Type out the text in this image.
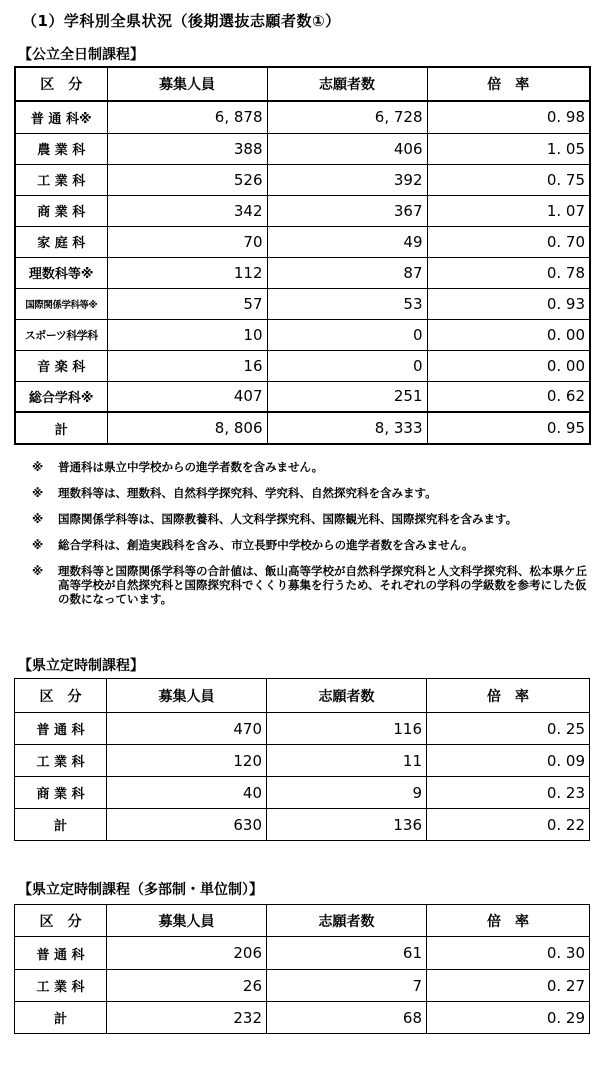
（1）学科別全県状況（後期選抜志願者数①）
【公立全日制課程】
区　分	募集人員	志願者数	倍　率
普 通 科※	6, 878	6, 728	0. 98
農 業 科	388	406	1. 05
工 業 科	526	392	0. 75
商 業 科	342	367	1. 07
家 庭 科	70	49	0. 70
理数科等※	112	87	0. 78
国際関係学科等※	57	53	0. 93
スポーツ科学科	10	0	0. 00
音 楽 科	16	0	0. 00
総合学科※	407	251	0. 62
計	8, 806	8, 333	0. 95
※	普通科は県立中学校からの進学者数を含みません。
※	理数科等は、理数科、自然科学探究科、学究科、自然探究科を含みます。
※	国際関係学科等は、国際教養科、人文科学探究科、国際観光科、国際探究科を含みます。
※	総合学科は、創造実践科を含み、市立長野中学校からの進学者数を含みません。
※	理数科等と国際関係学科等の合計値は、飯山高等学校が自然科学探究科と人文科学探究科、松本県ケ丘高等学校が自然探究科と国際探究科でくくり募集を行うため、それぞれの学科の学級数を参考にした仮の数になっています。
【県立定時制課程】
区　分	募集人員	志願者数	倍　率
普 通 科	470	116	0. 25
工 業 科	120	11	0. 09
商 業 科	40	9	0. 23
計	630	136	0. 22
【県立定時制課程（多部制・単位制）】
区　分	募集人員	志願者数	倍　率
普 通 科	206	61	0. 30
工 業 科	26	7	0. 27
計	232	68	0. 29
